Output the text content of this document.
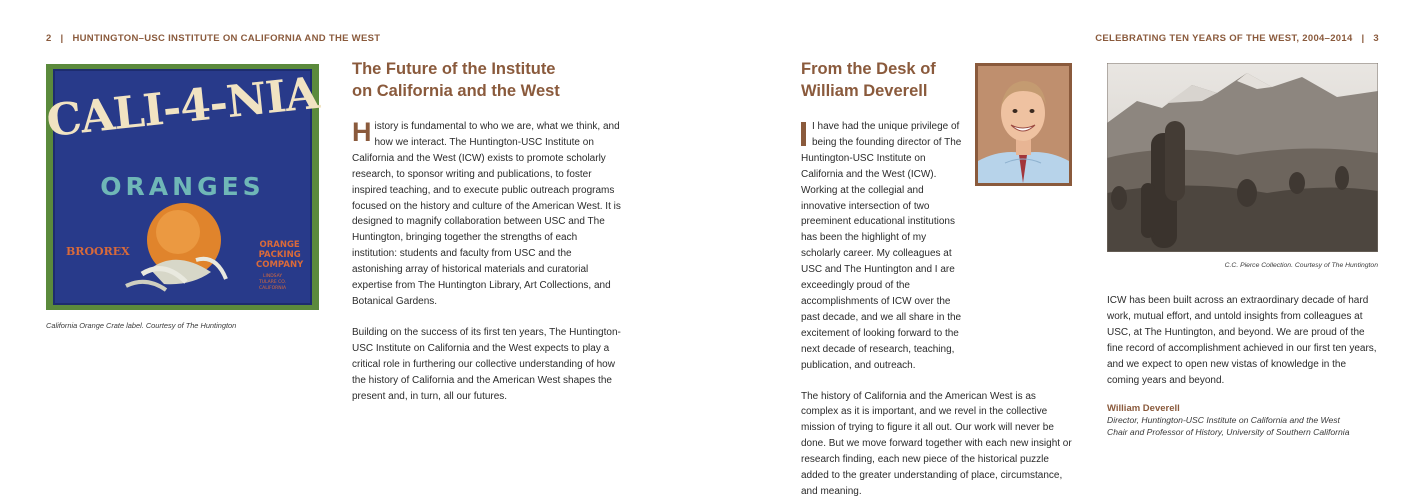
2 | HUNTINGTON–USC INSTITUTE ON CALIFORNIA AND THE WEST
CALI-4-NIA
ORANGES
BROOREX	ORANGE
PACKING
COMPANY
LINDSAY
TULARE CO.
CALIFORNIA
California Orange Crate label. Courtesy of The Huntington
The Future of the Institute
on California and the West

History is fundamental to who we are, what we think, and how we interact. The Huntington-USC Institute on California and the West (ICW) exists to promote scholarly research, to sponsor writing and publications, to foster inspired teaching, and to execute public outreach programs focused on the history and culture of the American West. It is designed to magnify collaboration between USC and The Huntington, bringing together the strengths of each institution: students and faculty from USC and the astonishing array of historical materials and curatorial expertise from The Huntington Library, Art Collections, and Botanical Gardens.

Building on the success of its first ten years, The Huntington-USC Institute on California and the West expects to play a critical role in furthering our collective understanding of how the history of California and the American West shapes the present and, in turn, all our futures.

CELEBRATING TEN YEARS OF THE WEST, 2004–2014 | 3
From the Desk of
William Deverell

I have had the unique privilege of being the founding director of The Huntington-USC Institute on California and the West (ICW). Working at the collegial and innovative intersection of two preeminent educational institutions has been the highlight of my scholarly career. My colleagues at USC and The Huntington and I are exceedingly proud of the accomplishments of ICW over the past decade, and we all share in the excitement of looking forward to the next decade of research, teaching, publication, and outreach.

The history of California and the American West is as complex as it is important, and we revel in the collective mission of trying to figure it all out. Our work will never be done. But we move forward together with each new insight or research finding, each new piece of the historical puzzle added to the greater understanding of place, circumstance, and meaning.

C.C. Pierce Collection. Courtesy of The Huntington
ICW has been built across an extraordinary decade of hard work, mutual effort, and untold insights from colleagues at USC, at The Huntington, and beyond. We are proud of the fine record of accomplishment achieved in our first ten years, and we expect to open new vistas of knowledge in the coming years and beyond.
William Deverell
Director, Huntington-USC Institute on California and the West
Chair and Professor of History, University of Southern California
